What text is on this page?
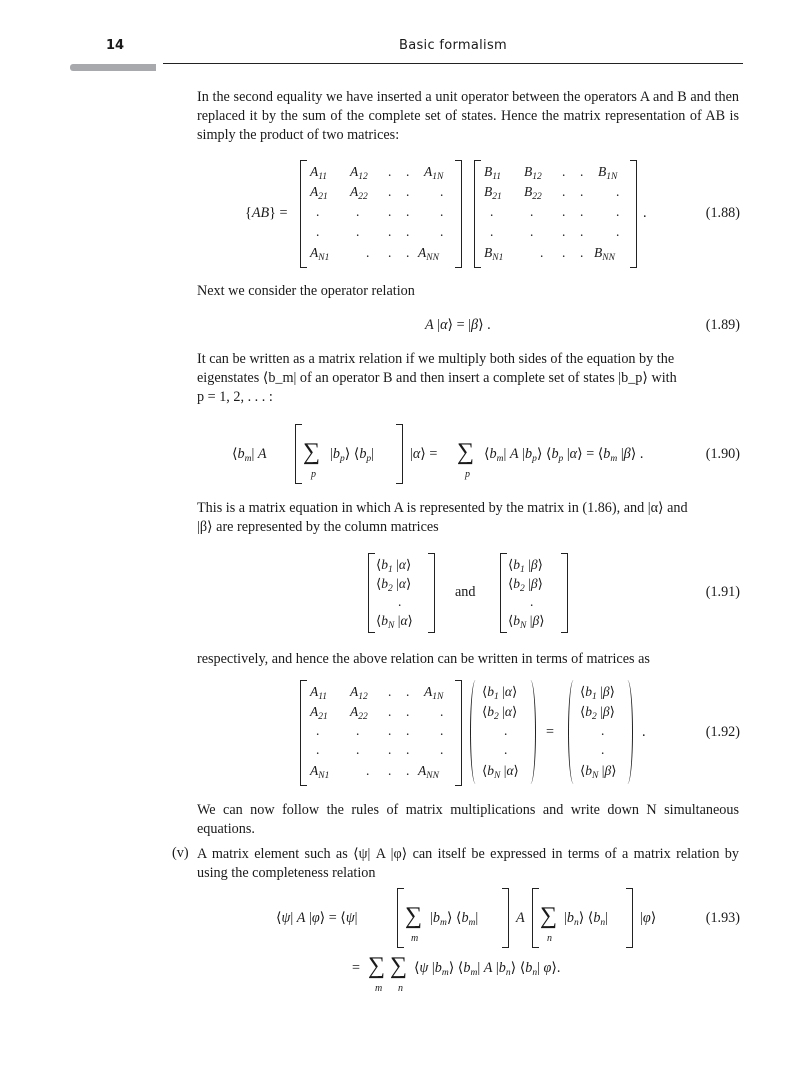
14	Basic formalism

In the second equality we have inserted a unit operator between the operators A and B and then replaced it by the sum of the complete set of states. Hence the matrix representation of AB is simply the product of two matrices:

{AB} =
$A_{11}$ $A_{12}$ . . $A_{1N}$
$A_{21}$ $A_{22}$ . . .
.	. . . .
.	. . . .
$A_{N1}$	. . . $A_{NN}$
$B_{11}$ $B_{12}$ . . $B_{1N}$
$B_{21}$ $B_{22}$ . . .
.	. . . .
.	. . . .
$B_{N1}$	. . . $B_{NN}$
.	(1.88)

Next we consider the operator relation

A |α⟩ = |β⟩ .	(1.89)

It can be written as a matrix relation if we multiply both sides of the equation by the

eigenstates ⟨b_m| of an operator B and then insert a complete set of states |b_p⟩ with

p = 1, 2, . . . :

$⟨b_m|$ A ∑
p
$|b_p⟩$ $⟨b_p|$	|α⟩ = ∑
p
$⟨b_m|$ A $|b_p⟩$ $⟨b_p$ |α⟩ = $⟨b_m$ |β⟩ .	(1.90)

This is a matrix equation in which A is represented by the matrix in (1.86), and |α⟩ and

|β⟩ are represented by the column matrices

$⟨b_1$ |α⟩
$⟨b_2$ |α⟩
.
$⟨b_N$ |α⟩
and
$⟨b_1$ |β⟩
$⟨b_2$ |β⟩
.
$⟨b_N$ |β⟩
(1.91)

respectively, and hence the above relation can be written in terms of matrices as

$A_{11}$ $A_{12}$ . . $A_{1N}$
$A_{21}$ $A_{22}$ . . .
.	. . . .
.	. . . .
$A_{N1}$	. . . $A_{NN}$
$⟨b_1$ |α⟩
$⟨b_2$ |α⟩
.
.
$⟨b_N$ |α⟩
=
$⟨b_1$ |β⟩
$⟨b_2$ |β⟩
.
.
$⟨b_N$ |β⟩
.	(1.92)

We can now follow the rules of matrix multiplications and write down N simultaneous equations.

(v) A matrix element such as ⟨ψ| A |φ⟩ can itself be expressed in terms of a matrix relation by using the completeness relation

⟨ψ| A |φ⟩ = ⟨ψ| ∑
m
$|b_m⟩$ $⟨b_m|$	A ∑
n
$|b_n⟩$ $⟨b_n|$ |φ⟩
= ∑
m
∑
n
⟨ψ $|b_m⟩$ $⟨b_m|$ A $|b_n⟩$ $⟨b_n|$ φ⟩.
(1.93)
